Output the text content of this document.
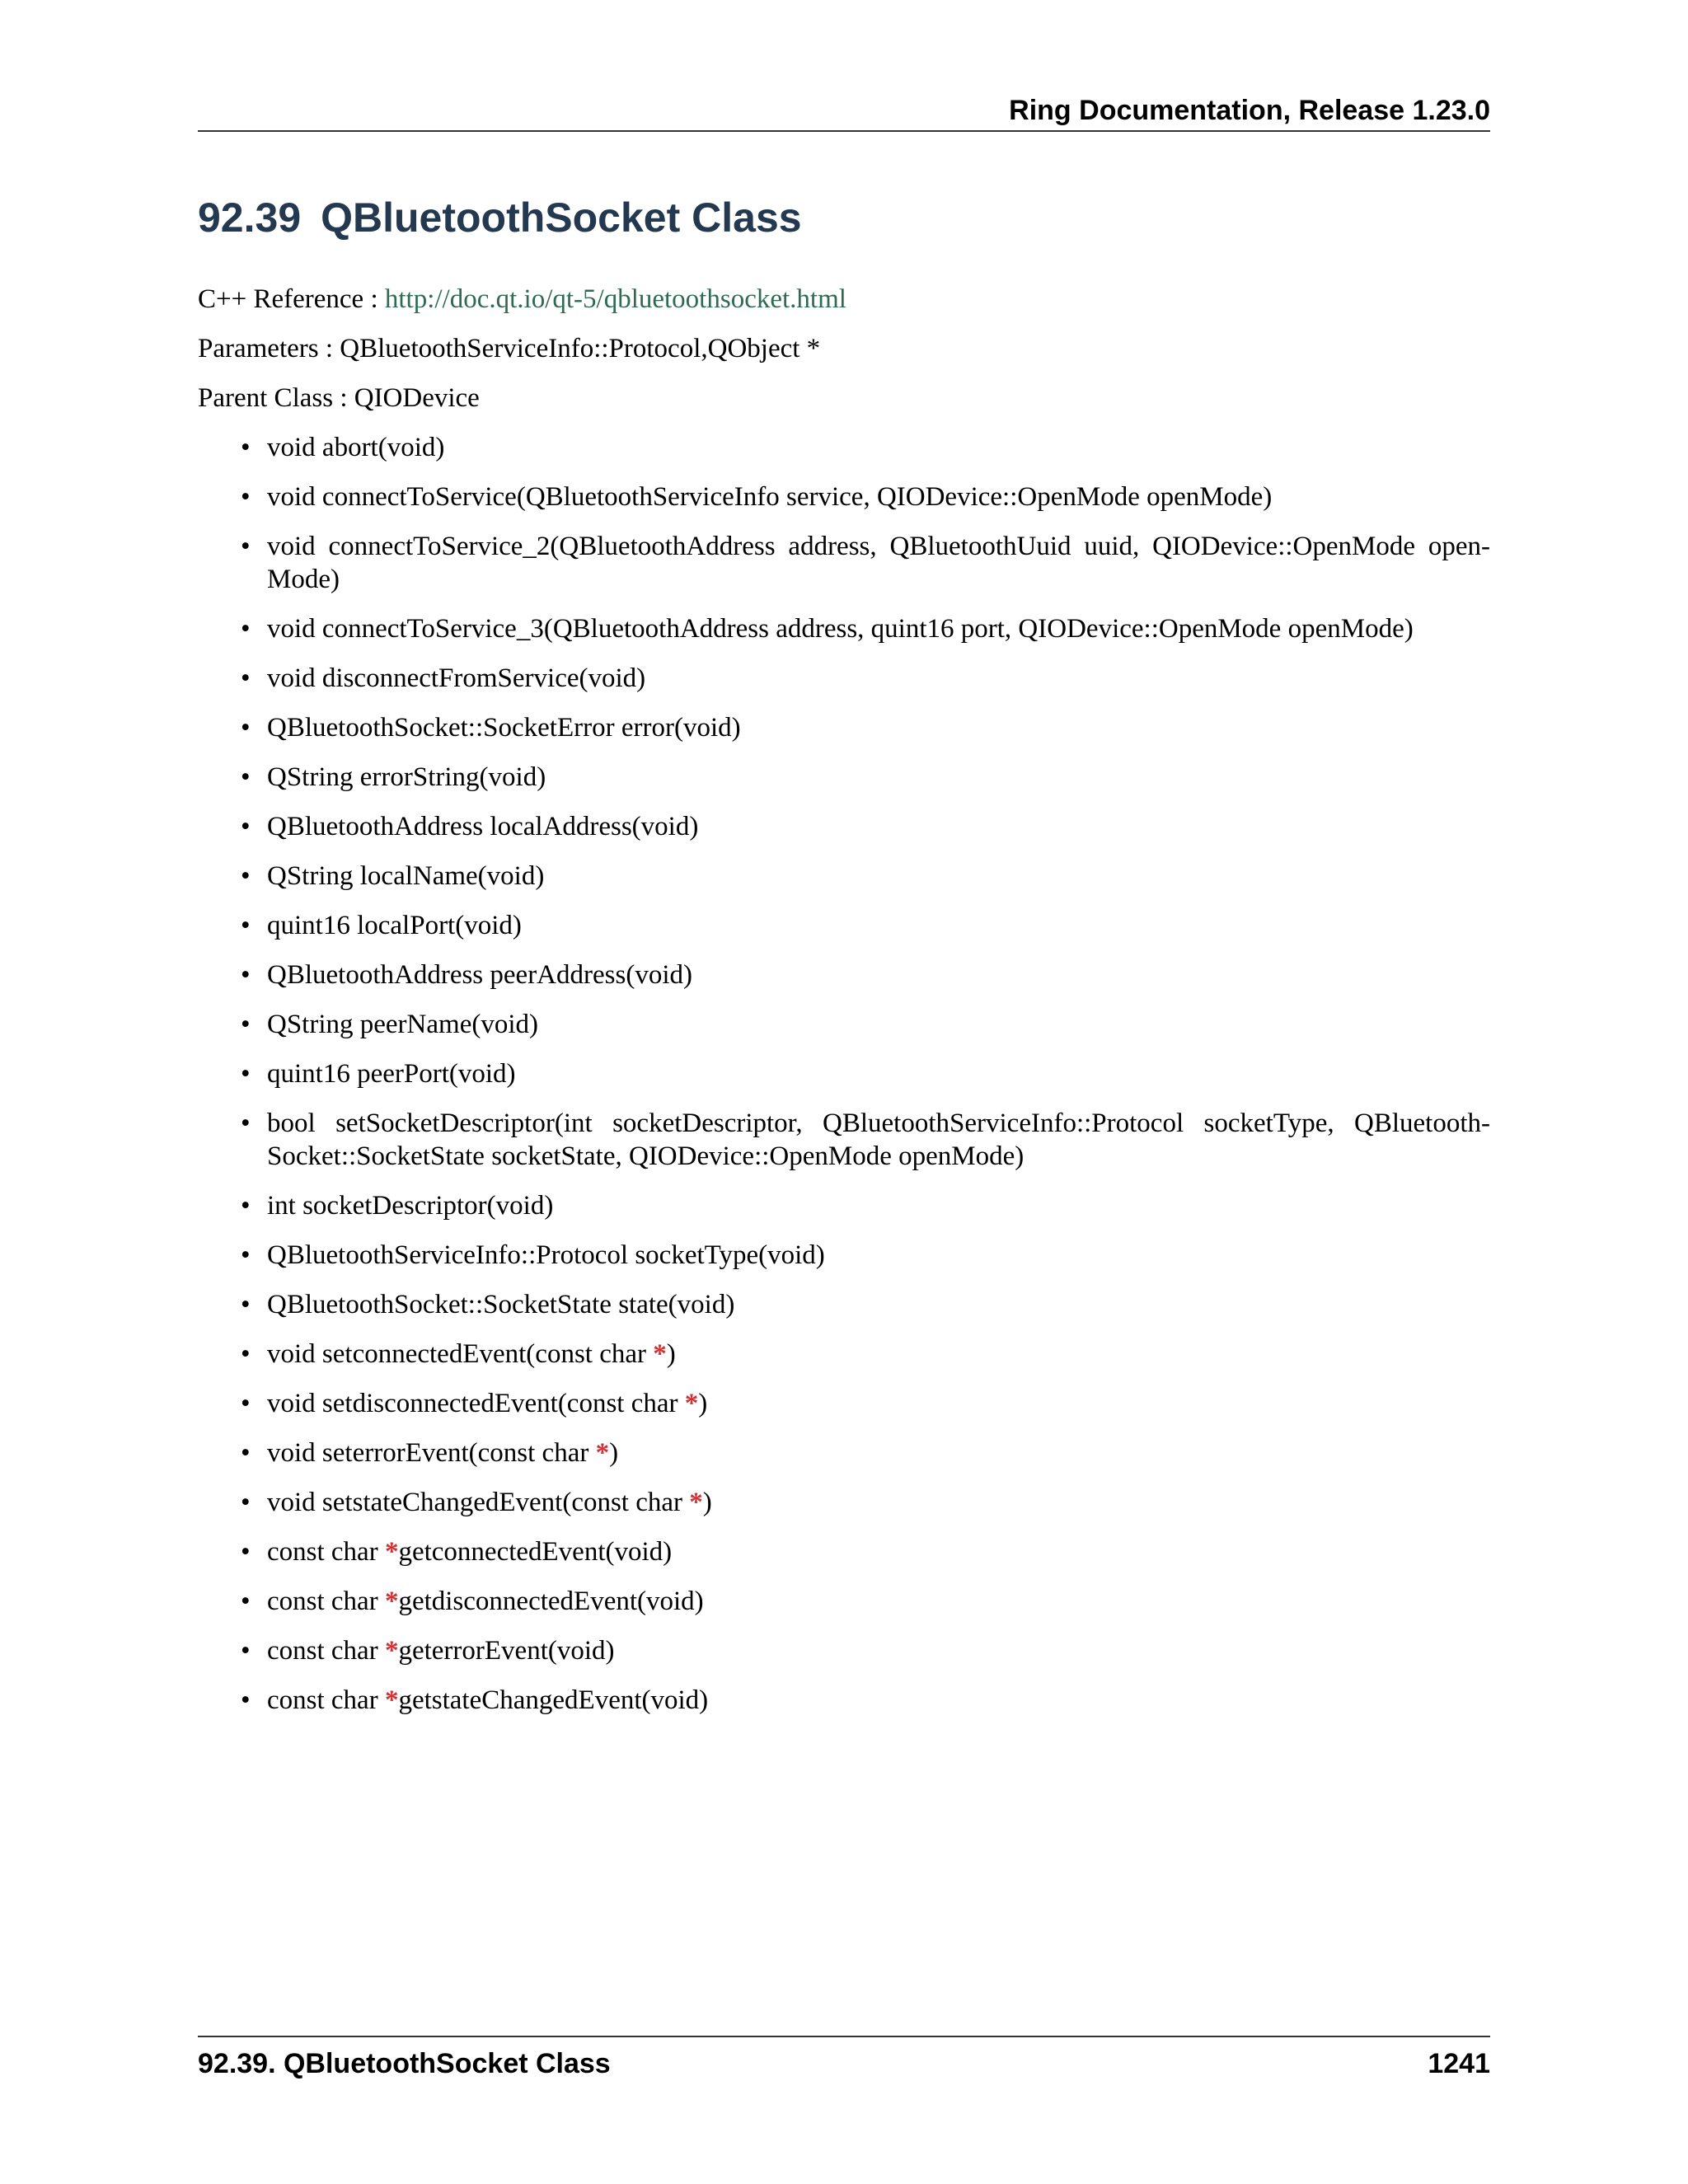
Ring Documentation, Release 1.23.0
92.39 QBluetoothSocket Class

C++ Reference : http://doc.qt.io/qt-5/qbluetoothsocket.html

Parameters : QBluetoothServiceInfo::Protocol,QObject *

Parent Class : QIODevice

• void abort(void)
• void connectToService(QBluetoothServiceInfo service, QIODevice::OpenMode openMode)
• void connectToService_2(QBluetoothAddress address, QBluetoothUuid uuid, QIODevice::OpenMode open- Mode)
• void connectToService_3(QBluetoothAddress address, quint16 port, QIODevice::OpenMode openMode)
• void disconnectFromService(void)
• QBluetoothSocket::SocketError error(void)
• QString errorString(void)
• QBluetoothAddress localAddress(void)
• QString localName(void)
• quint16 localPort(void)
• QBluetoothAddress peerAddress(void)
• QString peerName(void)
• quint16 peerPort(void)
• bool setSocketDescriptor(int socketDescriptor, QBluetoothServiceInfo::Protocol socketType, QBluetooth- Socket::SocketState socketState, QIODevice::OpenMode openMode)
• int socketDescriptor(void)
• QBluetoothServiceInfo::Protocol socketType(void)
• QBluetoothSocket::SocketState state(void)
• void setconnectedEvent(const char *)
• void setdisconnectedEvent(const char *)
• void seterrorEvent(const char *)
• void setstateChangedEvent(const char *)
• const char *getconnectedEvent(void)
• const char *getdisconnectedEvent(void)
• const char *geterrorEvent(void)
• const char *getstateChangedEvent(void)
92.39. QBluetoothSocket Class	1241
